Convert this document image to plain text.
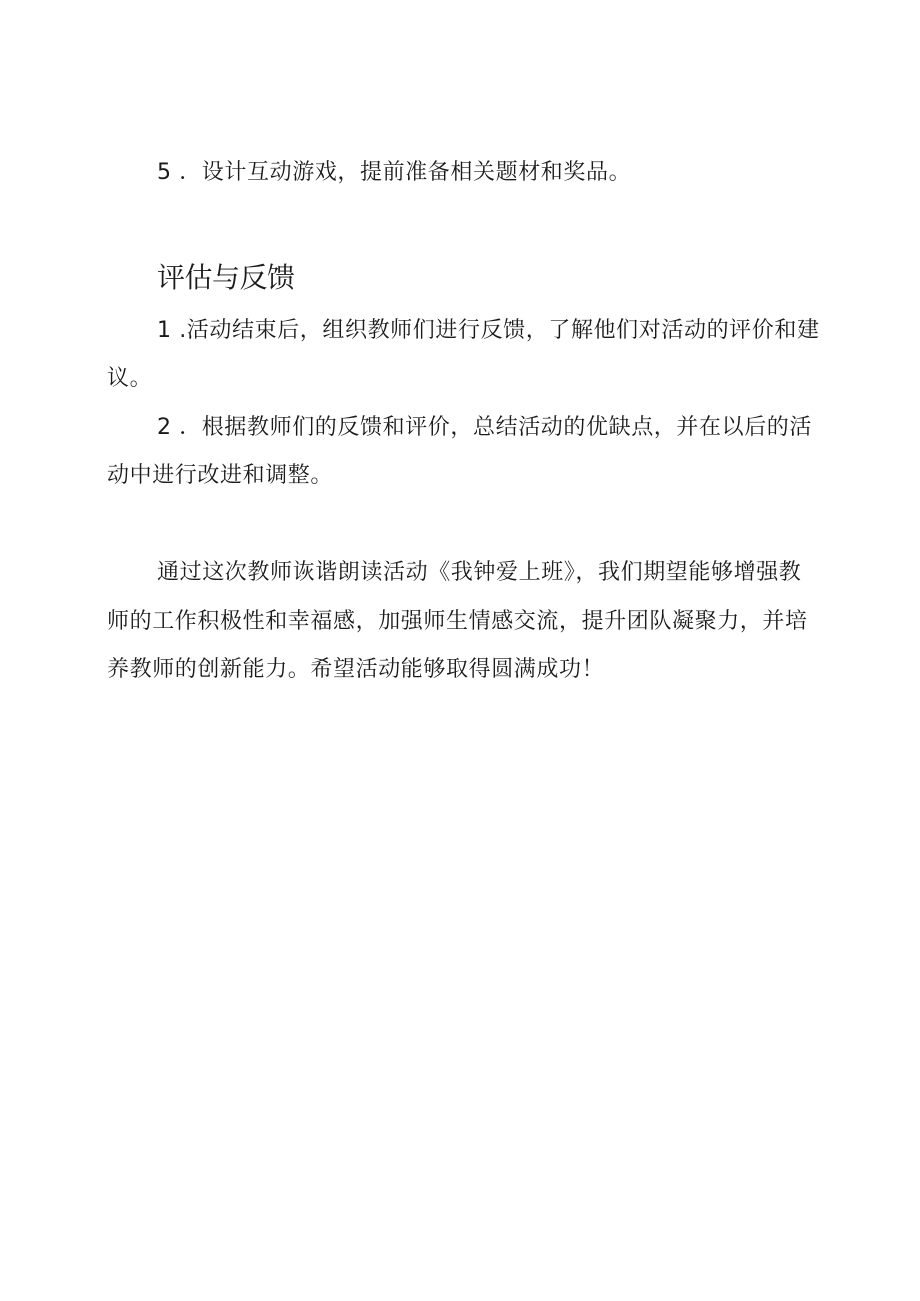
5 ．设计互动游戏，提前准备相关题材和奖品。
评估与反馈
1 .活动结束后，组织教师们进行反馈，了解他们对活动的评价和建
议。
2 ．根据教师们的反馈和评价，总结活动的优缺点，并在以后的活
动中进行改进和调整。
通过这次教师诙谐朗读活动《我钟爱上班》，我们期望能够增强教
师的工作积极性和幸福感，加强师生情感交流，提升团队凝聚力，并培
养教师的创新能力。希望活动能够取得圆满成功！
